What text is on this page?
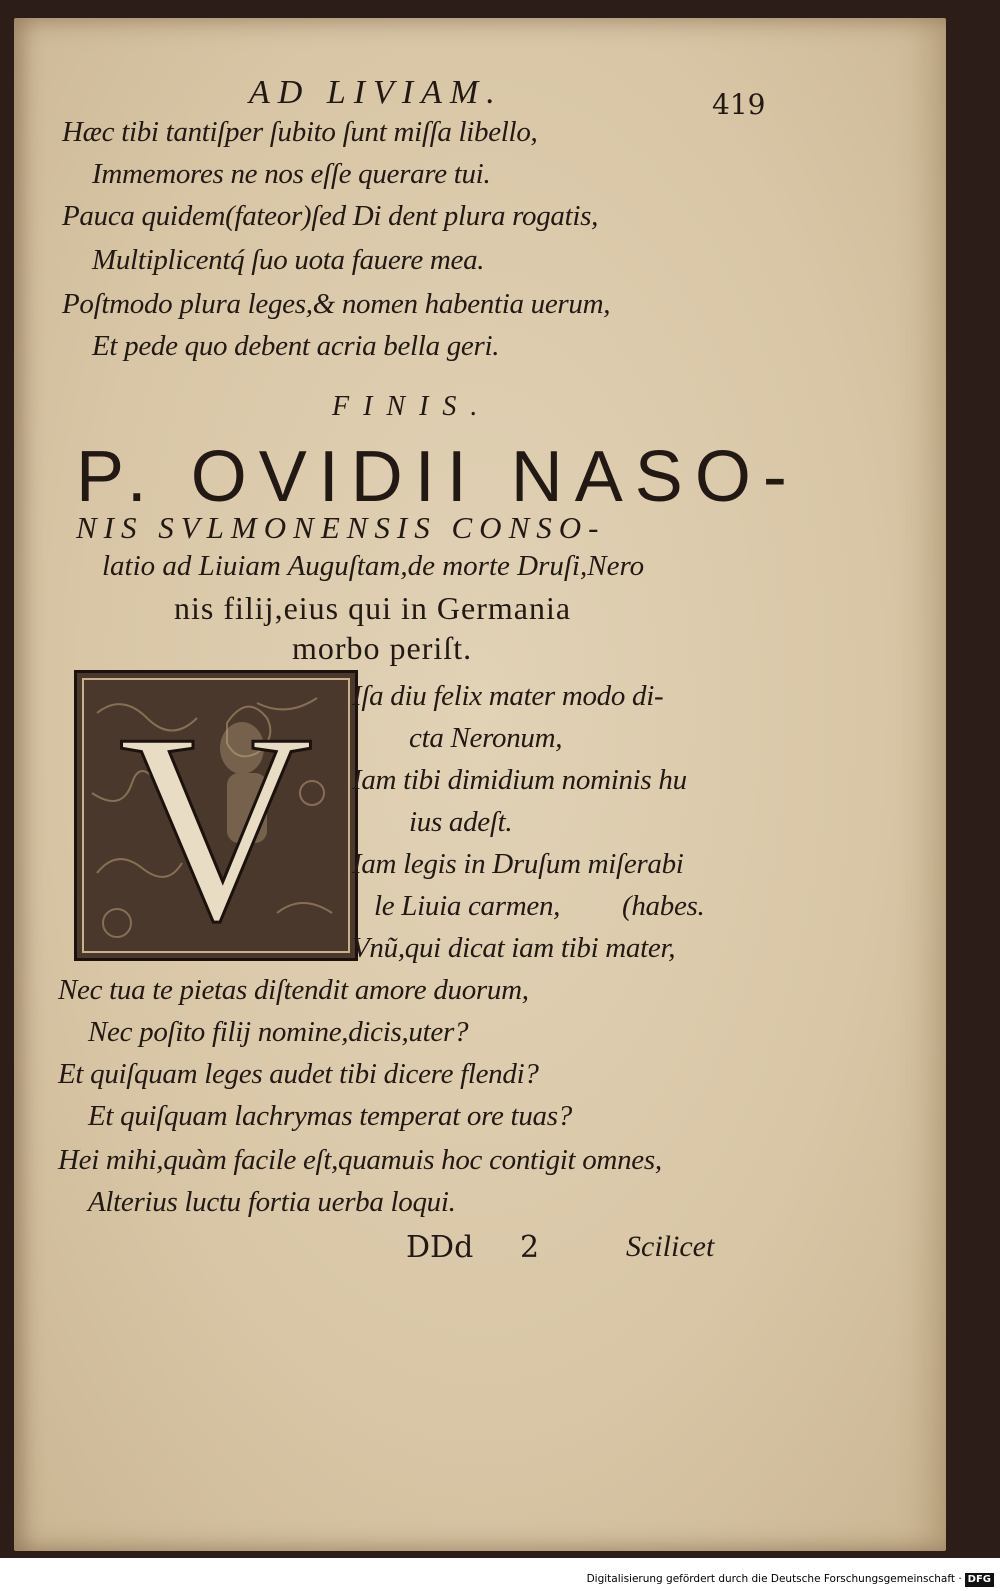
AD LIVIAM.	419
Hæc tibi tantiſper ſubito ſunt miſſa libello,
Immemores ne nos eſſe querare tui.
Pauca quidem(fateor)ſed Di dent plura rogatis,
Multiplicentq́ ſuo uota fauere mea.
Poſtmodo plura leges,& nomen habentia uerum,
Et pede quo debent acria bella geri.
FINIS.
P. OVIDII NASO-
NIS SVLMONENSIS CONSO-
latio ad Liuiam Auguſtam,de morte Druſi,Nero
nis filij,eius qui in Germania
morbo periſt.
V Iſa diu felix mater modo di-
cta Neronum,
Iam tibi dimidium nominis hu
ius adeſt.
Iam legis in Druſum miſerabi
le Liuia carmen, (habes.
Vnũ,qui dicat iam tibi mater,
Nec tua te pietas diſtendit amore duorum,
Nec poſito filij nomine,dicis,uter?
Et quiſquam leges audet tibi dicere flendi?
Et quiſquam lachrymas temperat ore tuas?
Hei mihi,quàm facile eſt,quamuis hoc contigit omnes,
Alterius luctu fortia uerba loqui.
DDd 2	Scilicet
Digitalisierung gefördert durch die Deutsche Forschungsgemeinschaft · DFG
